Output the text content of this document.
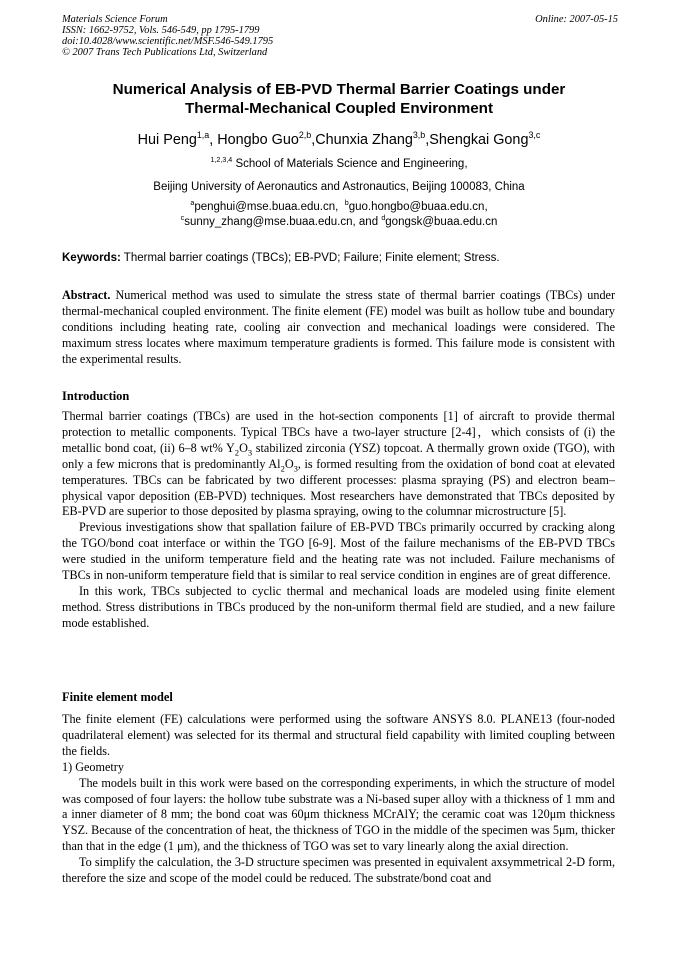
Materials Science Forum
ISSN: 1662-9752, Vols. 546-549, pp 1795-1799
doi:10.4028/www.scientific.net/MSF.546-549.1795
© 2007 Trans Tech Publications Ltd, Switzerland
Online: 2007-05-15
Numerical Analysis of EB-PVD Thermal Barrier Coatings under
Thermal-Mechanical Coupled Environment
Hui Peng$^{1,a}$, Hongbo Guo$^{2,b}$,Chunxia Zhang$^{3,b}$,Shengkai Gong$^{3,c}$
$^{1,2,3,4}$ School of Materials Science and Engineering,
Beijing University of Aeronautics and Astronautics, Beijing 100083, China
$^a$penghui@mse.buaa.edu.cn, $^b$guo.hongbo@buaa.edu.cn,
$^c$sunny_zhang@mse.buaa.edu.cn, and $^d$gongsk@buaa.edu.cn
Keywords: Thermal barrier coatings (TBCs); EB-PVD; Failure; Finite element; Stress.

Abstract. Numerical method was used to simulate the stress state of thermal barrier coatings (TBCs) under thermal-mechanical coupled environment. The finite element (FE) model was built as hollow tube and boundary conditions including heating rate, cooling air convection and mechanical loadings were considered. The maximum stress locates where maximum temperature gradients is formed. This failure mode is consistent with the experimental results.

Introduction

Thermal barrier coatings (TBCs) are used in the hot-section components [1] of aircraft to provide thermal protection to metallic components. Typical TBCs have a two-layer structure [2-4]，which consists of (i) the metallic bond coat, (ii) 6–8 wt% $Y_2O_3$ stabilized zirconia (YSZ) topcoat. A thermally grown oxide (TGO), with only a few microns that is predominantly $Al_2O_3$, is formed resulting from the oxidation of bond coat at elevated temperatures. TBCs can be fabricated by two different processes: plasma spraying (PS) and electron beam–physical vapor deposition (EB-PVD) techniques. Most researchers have demonstrated that TBCs deposited by EB-PVD are superior to those deposited by plasma spraying, owing to the columnar microstructure [5].

Previous investigations show that spallation failure of EB-PVD TBCs primarily occurred by cracking along the TGO/bond coat interface or within the TGO [6-9]. Most of the failure mechanisms of the EB-PVD TBCs were studied in the uniform temperature field and the heating rate was not included. Failure mechanisms of TBCs in non-uniform temperature field that is similar to real service condition in engines are of great difference.

In this work, TBCs subjected to cyclic thermal and mechanical loads are modeled using finite element method. Stress distributions in TBCs produced by the non-uniform thermal field are studied, and a new failure mode established.

Finite element model

The finite element (FE) calculations were performed using the software ANSYS 8.0. PLANE13 (four-noded quadrilateral element) was selected for its thermal and structural field capability with limited coupling between the fields.

1) Geometry

The models built in this work were based on the corresponding experiments, in which the structure of model was composed of four layers: the hollow tube substrate was a Ni-based super alloy with a thickness of 1 mm and a inner diameter of 8 mm; the bond coat was 60μm thickness MCrAlY; the ceramic coat was 120μm thickness YSZ. Because of the concentration of heat, the thickness of TGO in the middle of the specimen was 5μm, thicker than that in the edge (1 μm), and the thickness of TGO was set to vary linearly along the axial direction.

To simplify the calculation, the 3-D structure specimen was presented in equivalent axsymmetrical 2-D form, therefore the size and scope of the model could be reduced. The substrate/bond coat and
